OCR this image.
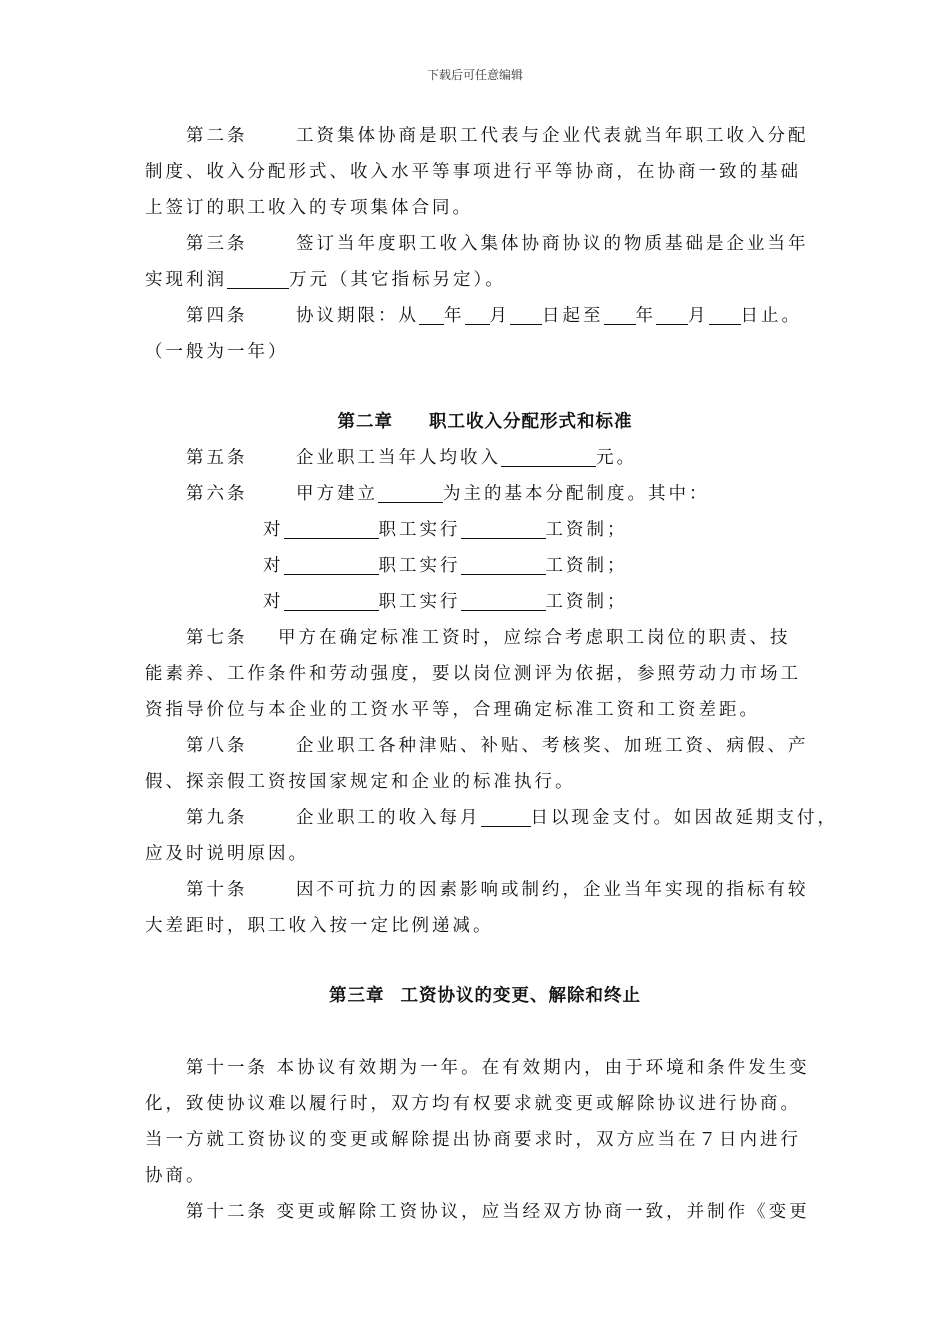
下载后可任意编辑
第二条	工资集体协商是职工代表与企业代表就当年职工收入分配
制度、收入分配形式、收入水平等事项进行平等协商，在协商一致的基础
上签订的职工收入的专项集体合同。
第三条	签订当年度职工收入集体协商协议的物质基础是企业当年
实现利润	万元（其它指标另定）。
第四条	协议期限：从 年 月 日起至 年 月 日止。
（一般为一年）
第二章 职工收入分配形式和标准
第五条	企业职工当年人均收入	元。
第六条	甲方建立	为主的基本分配制度。其中：
对	职工实行	工资制；
对	职工实行	工资制；
对	职工实行	工资制；
第七条 甲方在确定标准工资时，应综合考虑职工岗位的职责、技
能素养、工作条件和劳动强度，要以岗位测评为依据，参照劳动力市场工
资指导价位与本企业的工资水平等，合理确定标准工资和工资差距。
第八条	企业职工各种津贴、补贴、考核奖、加班工资、病假、产
假、探亲假工资按国家规定和企业的标准执行。
第九条	企业职工的收入每月	日以现金支付。如因故延期支付，
应及时说明原因。
第十条	因不可抗力的因素影响或制约，企业当年实现的指标有较
大差距时，职工收入按一定比例递减。
第三章 工资协议的变更、解除和终止
第十一条 本协议有效期为一年。在有效期内，由于环境和条件发生变
化，致使协议难以履行时，双方均有权要求就变更或解除协议进行协商。
当一方就工资协议的变更或解除提出协商要求时，双方应当在７日内进行
协商。
第十二条 变更或解除工资协议，应当经双方协商一致，并制作《变更
